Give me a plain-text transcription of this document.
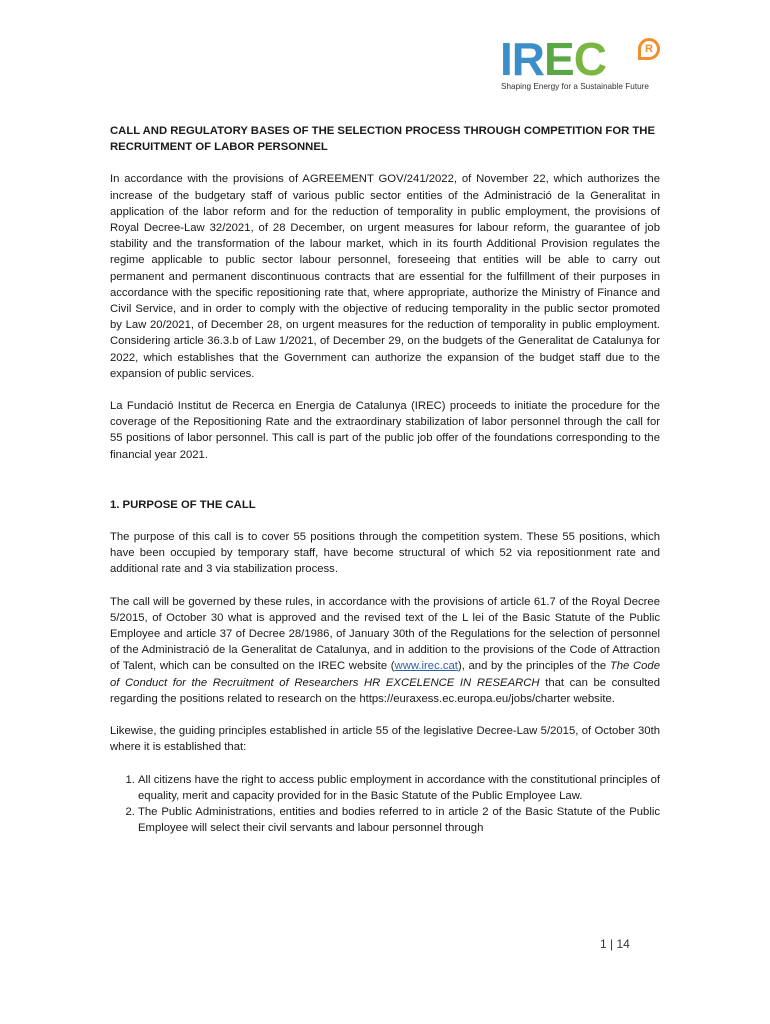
IREC	R
Shaping Energy for a Sustainable Future
CALL AND REGULATORY BASES OF THE SELECTION PROCESS THROUGH COMPETITION FOR THE RECRUITMENT OF LABOR PERSONNEL

In accordance with the provisions of AGREEMENT GOV/241/2022, of November 22, which authorizes the increase of the budgetary staff of various public sector entities of the Administració de la Generalitat in application of the labor reform and for the reduction of temporality in public employment, the provisions of Royal Decree-Law 32/2021, of 28 December, on urgent measures for labour reform, the guarantee of job stability and the transformation of the labour market, which in its fourth Additional Provision regulates the regime applicable to public sector labour personnel, foreseeing that entities will be able to carry out permanent and permanent discontinuous contracts that are essential for the fulfillment of their purposes in accordance with the specific repositioning rate that, where appropriate, authorize the Ministry of Finance and Civil Service, and in order to comply with the objective of reducing temporality in the public sector promoted by Law 20/2021, of December 28, on urgent measures for the reduction of temporality in public employment. Considering article 36.3.b of Law 1/2021, of December 29, on the budgets of the Generalitat de Catalunya for 2022, which establishes that the Government can authorize the expansion of the budget staff due to the expansion of public services.

La Fundació Institut de Recerca en Energia de Catalunya (IREC) proceeds to initiate the procedure for the coverage of the Repositioning Rate and the extraordinary stabilization of labor personnel through the call for 55 positions of labor personnel. This call is part of the public job offer of the foundations corresponding to the financial year 2021.

1. PURPOSE OF THE CALL

The purpose of this call is to cover 55 positions through the competition system. These 55 positions, which have been occupied by temporary staff, have become structural of which 52 via repositionment rate and additional rate and 3 via stabilization process.

The call will be governed by these rules, in accordance with the provisions of article 61.7 of the Royal Decree 5/2015, of October 30 what is approved and the revised text of the L lei of the Basic Statute of the Public Employee and article 37 of Decree 28/1986, of January 30th of the Regulations for the selection of personnel of the Administració de la Generalitat de Catalunya, and in addition to the provisions of the Code of Attraction of Talent, which can be consulted on the IREC website (www.irec.cat), and by the principles of the The Code of Conduct for the Recruitment of Researchers HR EXCELENCE IN RESEARCH that can be consulted regarding the positions related to research on the https://euraxess.ec.europa.eu/jobs/charter website.

Likewise, the guiding principles established in article 55 of the legislative Decree-Law 5/2015, of October 30th where it is established that:

1. All citizens have the right to access public employment in accordance with the constitutional principles of equality, merit and capacity provided for in the Basic Statute of the Public Employee Law.
2. The Public Administrations, entities and bodies referred to in article 2 of the Basic Statute of the Public Employee will select their civil servants and labour personnel through
1 | 14
